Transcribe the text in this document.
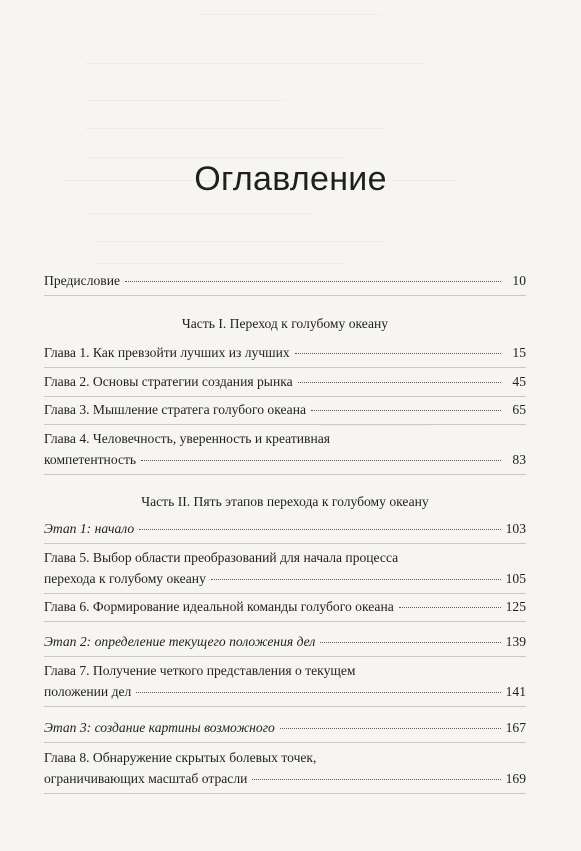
Оглавление
Предисловие	10
Часть I. Переход к голубому океану
Глава 1. Как превзойти лучших из лучших	15
Глава 2. Основы стратегии создания рынка	45
Глава 3. Мышление стратега голубого океана	65
Глава 4. Человечность, уверенность и креативная
компетентность	83
Часть II. Пять этапов перехода к голубому океану
Этап 1: начало	103
Глава 5. Выбор области преобразований для начала процесса
перехода к голубому океану	105
Глава 6. Формирование идеальной команды голубого океана	125
Этап 2: определение текущего положения дел	139
Глава 7. Получение четкого представления о текущем
положении дел	141
Этап 3: создание картины возможного	167
Глава 8. Обнаружение скрытых болевых точек,
ограничивающих масштаб отрасли	169
